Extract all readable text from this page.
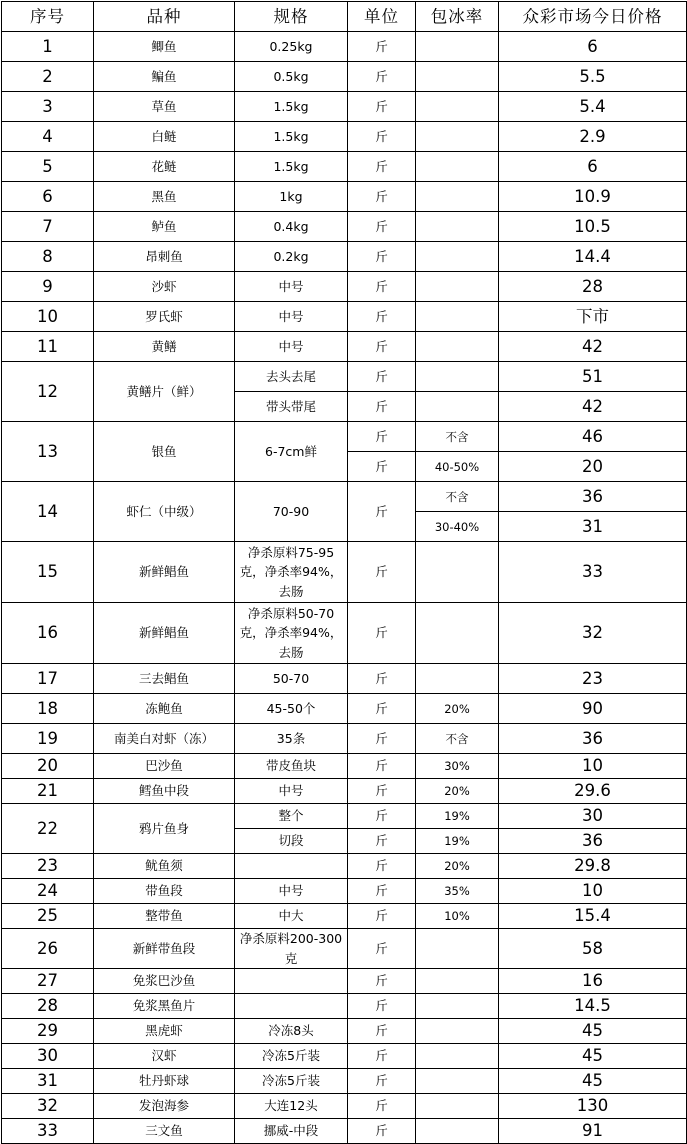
序号	品种	规格	单位	包冰率	众彩市场今日价格
1	鲫鱼	0.25kg	斤		6
2	鳊鱼	0.5kg	斤		5.5
3	草鱼	1.5kg	斤		5.4
4	白鲢	1.5kg	斤		2.9
5	花鲢	1.5kg	斤		6
6	黑鱼	1kg	斤		10.9
7	鲈鱼	0.4kg	斤		10.5
8	昂刺鱼	0.2kg	斤		14.4
9	沙虾	中号	斤		28
10	罗氏虾	中号	斤		下市
11	黄鳝	中号	斤		42
12	黄鳝片（鲜）	去头去尾	斤		51
		带头带尾	斤		42
13	银鱼	6-7cm鲜	斤	不含	46
			斤	40-50%	20
14	虾仁（中级）	70-90	斤	不含	36
				30-40%	31
15	新鲜鲳鱼	净杀原料75-95克，净杀率94%，去肠	斤		33
16	新鲜鲳鱼	净杀原料50-70克，净杀率94%，去肠	斤		32
17	三去鲳鱼	50-70	斤		23
18	冻鲍鱼	45-50个	斤	20%	90
19	南美白对虾（冻）	35条	斤	不含	36
20	巴沙鱼	带皮鱼块	斤	30%	10
21	鳕鱼中段	中号	斤	20%	29.6
22	鸦片鱼身	整个	斤	19%	30
		切段	斤	19%	36
23	鱿鱼须		斤	20%	29.8
24	带鱼段	中号	斤	35%	10
25	整带鱼	中大	斤	10%	15.4
26	新鲜带鱼段	净杀原料200-300克	斤		58
27	免浆巴沙鱼		斤		16
28	免浆黑鱼片		斤		14.5
29	黑虎虾	冷冻8头	斤		45
30	汉虾	冷冻5斤装	斤		45
31	牡丹虾球	冷冻5斤装	斤		45
32	发泡海参	大连12头	斤		130
33	三文鱼	挪威-中段	斤		91
